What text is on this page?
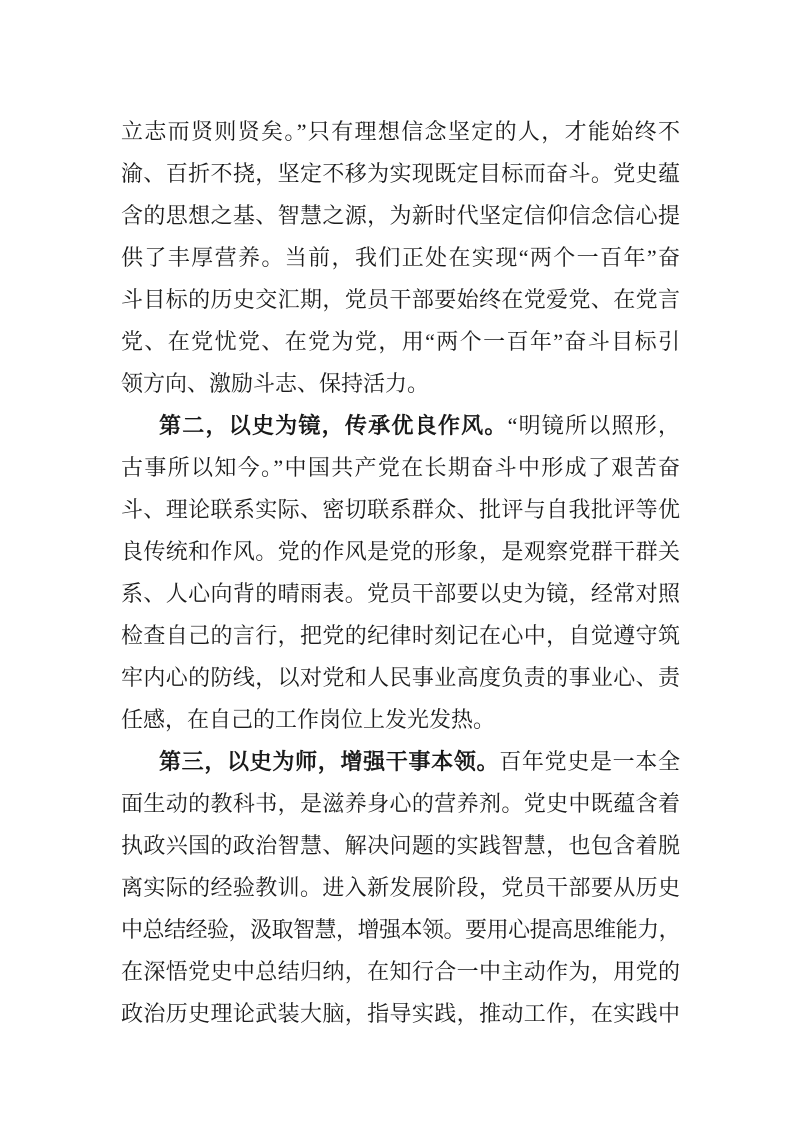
立志而贤则贤矣。”只有理想信念坚定的人，才能始终不
渝、百折不挠，坚定不移为实现既定目标而奋斗。党史蕴
含的思想之基、智慧之源，为新时代坚定信仰信念信心提
供了丰厚营养。当前，我们正处在实现“两个一百年”奋
斗目标的历史交汇期，党员干部要始终在党爱党、在党言
党、在党忧党、在党为党，用“两个一百年”奋斗目标引
领方向、激励斗志、保持活力。
第二，以史为镜，传承优良作风。“明镜所以照形，
古事所以知今。”中国共产党在长期奋斗中形成了艰苦奋
斗、理论联系实际、密切联系群众、批评与自我批评等优
良传统和作风。党的作风是党的形象，是观察党群干群关
系、人心向背的晴雨表。党员干部要以史为镜，经常对照
检查自己的言行，把党的纪律时刻记在心中，自觉遵守筑
牢内心的防线，以对党和人民事业高度负责的事业心、责
任感，在自己的工作岗位上发光发热。
第三，以史为师，增强干事本领。百年党史是一本全
面生动的教科书，是滋养身心的营养剂。党史中既蕴含着
执政兴国的政治智慧、解决问题的实践智慧，也包含着脱
离实际的经验教训。进入新发展阶段，党员干部要从历史
中总结经验，汲取智慧，增强本领。要用心提高思维能力，
在深悟党史中总结归纳，在知行合一中主动作为，用党的
政治历史理论武装大脑，指导实践，推动工作，在实践中
